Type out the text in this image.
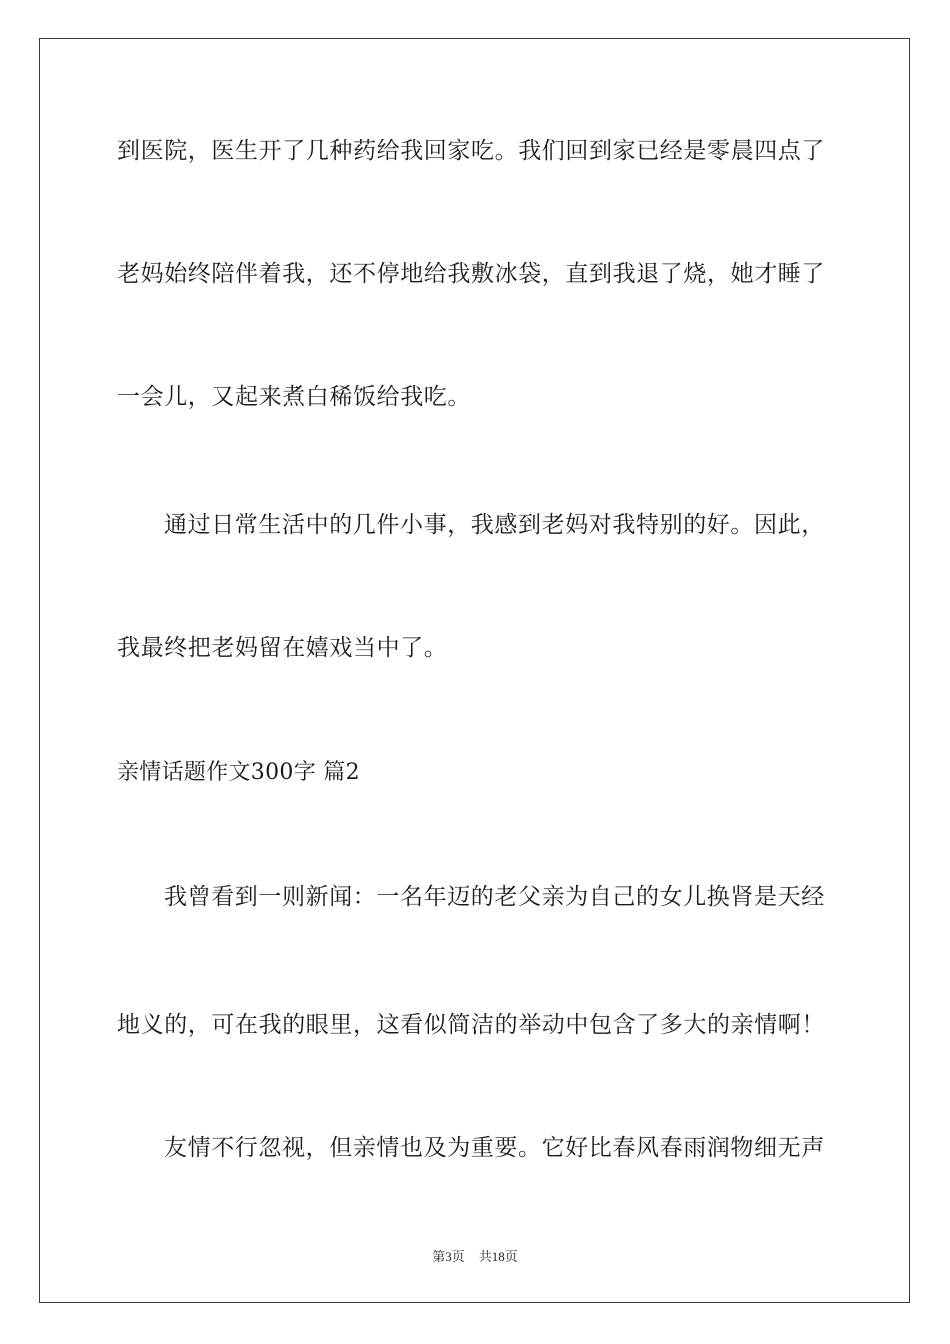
到医院，医生开了几种药给我回家吃。我们回到家已经是零晨四点了
老妈始终陪伴着我，还不停地给我敷冰袋，直到我退了烧，她才睡了
一会儿，又起来煮白稀饭给我吃。
通过日常生活中的几件小事，我感到老妈对我特别的好。因此，
我最终把老妈留在嬉戏当中了。
亲情话题作文300字 篇2
我曾看到一则新闻：一名年迈的老父亲为自己的女儿换肾是天经
地义的，可在我的眼里，这看似简洁的举动中包含了多大的亲情啊！
友情不行忽视，但亲情也及为重要。它好比春风春雨润物细无声
第3页 共18页
